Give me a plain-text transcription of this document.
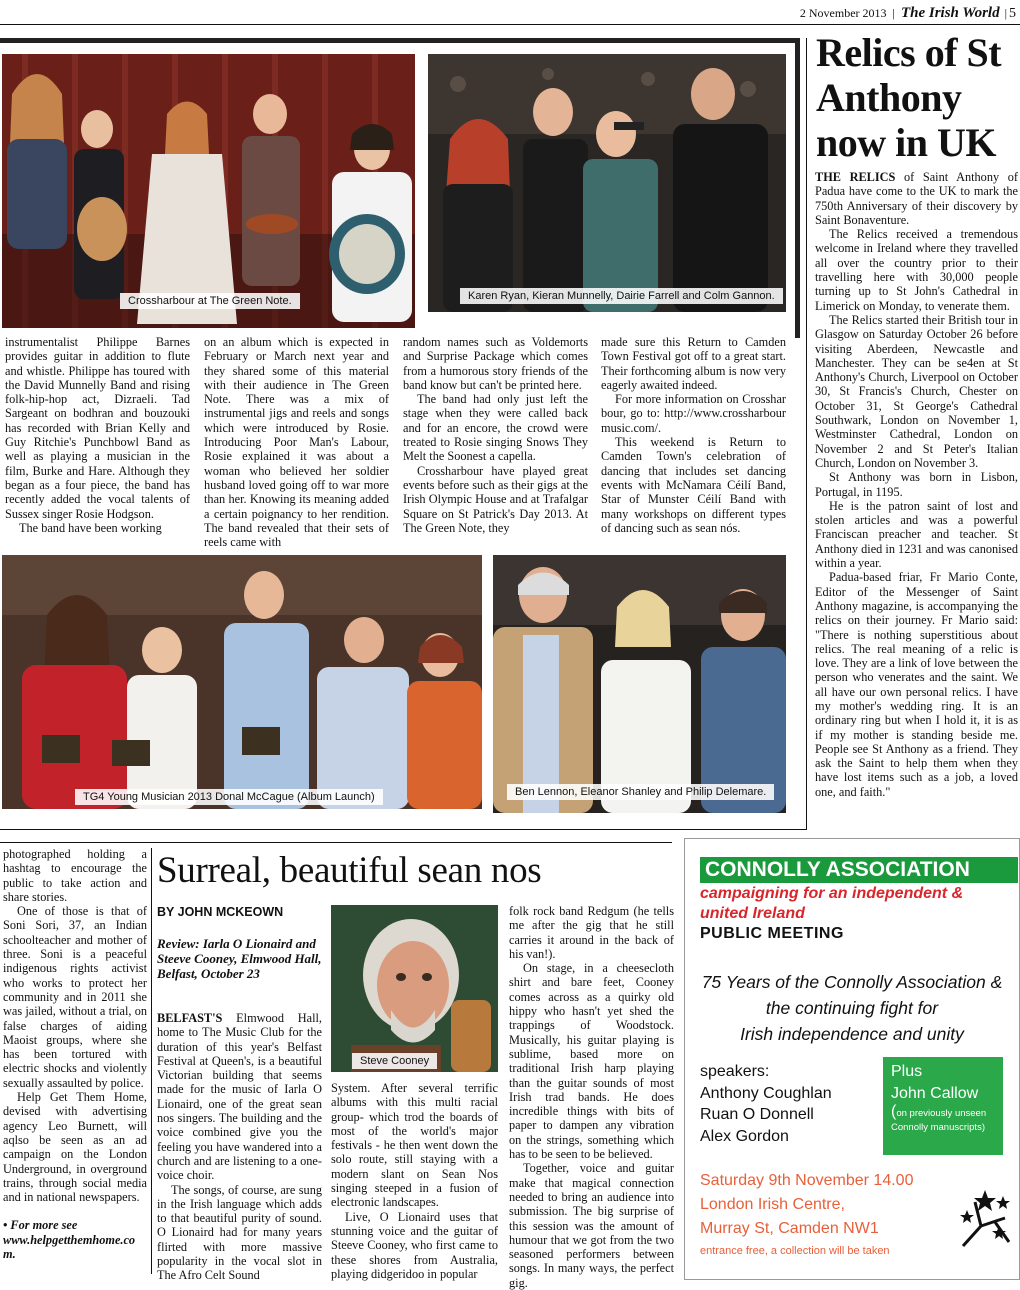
2 November 2013 | The Irish World | 5
Crossharbour at The Green Note.	Karen Ryan, Kieran Munnelly, Dairie Farrell and Colm Gannon.

instrumentalist Philippe Barnes provides guitar in addition to flute and whistle. Philippe has toured with the David Munnelly Band and rising folk-hip-hop act, Dizraeli. Tad Sargeant on bodhran and bouzouki has recorded with Brian Kelly and Guy Ritchie's Punchbowl Band as well as playing a musician in the film, Burke and Hare. Although they began as a four piece, the band has recently added the vocal talents of Sussex singer Rosie Hodgson.

The band have been working

on an album which is expected in February or March next year and they shared some of this material with their audience in The Green Note. There was a mix of instrumental jigs and reels and songs which were introduced by Rosie. Introducing Poor Man's Labour, Rosie explained it was about a woman who believed her soldier husband loved going off to war more than her. Knowing its meaning added a certain poignancy to her rendition. The band revealed that their sets of reels came with

random names such as Voldemorts and Surprise Package which comes from a humorous story friends of the band know but can't be printed here.

The band had only just left the stage when they were called back and for an encore, the crowd were treated to Rosie singing Snows They Melt the Soonest a capella.

Crossharbour have played great events before such as their gigs at the Irish Olympic House and at Trafalgar Square on St Patrick's Day 2013. At The Green Note, they

made sure this Return to Camden Town Festival got off to a great start. Their forthcoming album is now very eagerly awaited indeed.

For more information on Crossharbour, go to: http://www.crossharbourmusic.com/.

This weekend is Return to Camden Town's celebration of dancing that includes set dancing events with McNamara Céilí Band, Star of Munster Céilí Band with many workshops on different types of dancing such as sean nós.

TG4 Young Musician 2013 Donal McCague (Album Launch)	Ben Lennon, Eleanor Shanley and Philip Delemare.
Relics of St Anthony now in UK

THE RELICS of Saint Anthony of Padua have come to the UK to mark the 750th Anniversary of their discovery by Saint Bonaventure.

The Relics received a tremendous welcome in Ireland where they travelled all over the country prior to their travelling here with 30,000 people turning up to St John's Cathedral in Limerick on Monday, to venerate them.

The Relics started their British tour in Glasgow on Saturday October 26 before visiting Aberdeen, Newcastle and Manchester. They can be se4en at St Anthony's Church, Liverpool on October 30, St Francis's Church, Chester on October 31, St George's Cathedral Southwark, London on November 1, Westminster Cathedral, London on November 2 and St Peter's Italian Church, London on November 3.

St Anthony was born in Lisbon, Portugal, in 1195.

He is the patron saint of lost and stolen articles and was a powerful Franciscan preacher and teacher. St Anthony died in 1231 and was canonised within a year.

Padua-based friar, Fr Mario Conte, Editor of the Messenger of Saint Anthony magazine, is accompanying the relics on their journey. Fr Mario said: "There is nothing superstitious about relics. The real meaning of a relic is love. They are a link of love between the person who venerates and the saint. We all have our own personal relics. I have my mother's wedding ring. It is an ordinary ring but when I hold it, it is as if my mother is standing beside me. People see St Anthony as a friend. They ask the Saint to help them when they have lost items such as a job, a loved one, and faith."

photographed holding a hashtag to encourage the public to take action and share stories.

One of those is that of Soni Sori, 37, an Indian schoolteacher and mother of three. Soni is a peaceful indigenous rights activist who works to protect her community and in 2011 she was jailed, without a trial, on false charges of aiding Maoist groups, where she has been tortured with electric shocks and violently sexually assaulted by police.

Help Get Them Home, devised with advertising agency Leo Burnett, will aqlso be seen as an ad campaign on the London Underground, in overground trains, through social media and in national newspapers.

• For more see
www.helpgetthemhome.com.

Surreal, beautiful sean nos
BY JOHN MCKEOWN
Review: Iarla O Lionaird and Steeve Cooney, Elmwood Hall, Belfast, October 23

BELFAST'S Elmwood Hall, home to The Music Club for the duration of this year's Belfast Festival at Queen's, is a beautiful Victorian building that seems made for the music of Iarla O Lionaird, one of the great sean nos singers. The building and the voice combined give you the feeling you have wandered into a church and are listening to a one-voice choir.

The songs, of course, are sung in the Irish language which adds to that beautiful purity of sound. O Lionaird had for many years flirted with more massive popularity in the vocal slot in The Afro Celt Sound

Steve Cooney

System. After several terrific albums with this multi racial group- which trod the boards of most of the world's major festivals - he then went down the solo route, still staying with a modern slant on Sean Nos singing steeped in a fusion of electronic landscapes.

Live, O Lionaird uses that stunning voice and the guitar of Steeve Cooney, who first came to these shores from Australia, playing didgeridoo in popular

folk rock band Redgum (he tells me after the gig that he still carries it around in the back of his van!).

On stage, in a cheesecloth shirt and bare feet, Cooney comes across as a quirky old hippy who hasn't yet shed the trappings of Woodstock. Musically, his guitar playing is sublime, based more on traditional Irish harp playing than the guitar sounds of most Irish trad bands. He does incredible things with bits of paper to dampen any vibration on the strings, something which has to be seen to be believed.

Together, voice and guitar make that magical connection needed to bring an audience into submission. The big surprise of this session was the amount of humour that we got from the two seasoned performers between songs. In many ways, the perfect gig.

CONNOLLY ASSOCIATION
campaigning for an independent &
united Ireland
PUBLIC MEETING
75 Years of the Connolly Association &
the continuing fight for
Irish independence and unity
speakers:
Anthony Coughlan
Ruan O Donnell
Alex Gordon
Plus
John Callow
(on previously unseen Connolly manuscripts)
Saturday 9th November 14.00
London Irish Centre,
Murray St, Camden NW1
entrance free, a collection will be taken
